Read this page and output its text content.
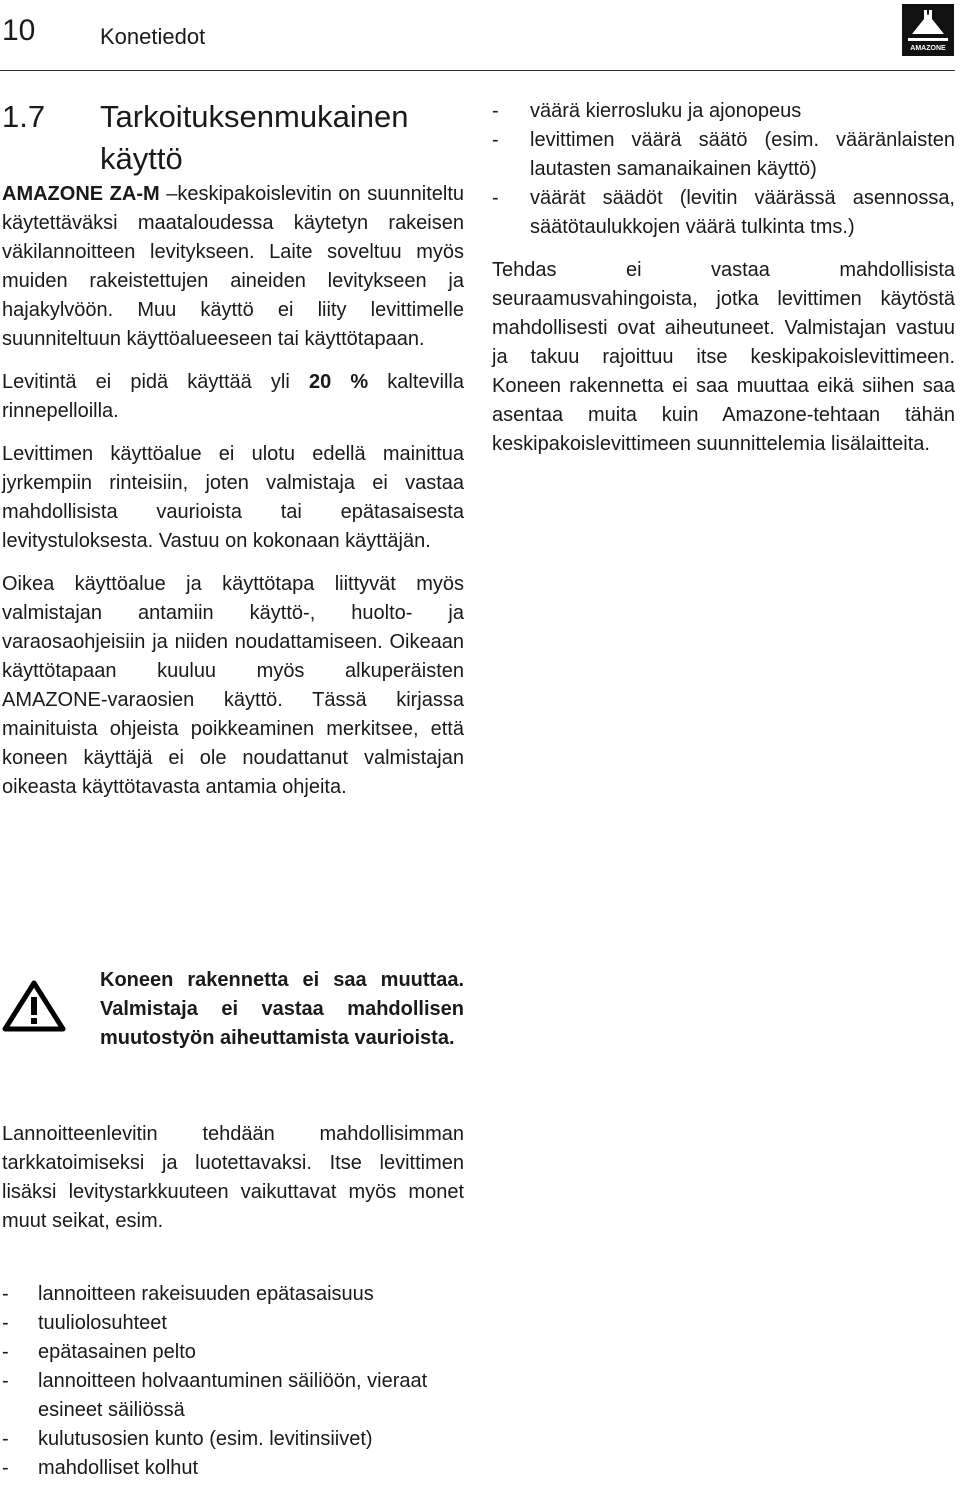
10	Konetiedot	AMAZONE
1.7 Tarkoituksenmukainen
käyttö

AMAZONE ZA-M –keskipakoislevitin on suunniteltu käytettäväksi maataloudessa käytetyn rakeisen väkilannoitteen levitykseen. Laite soveltuu myös muiden rakeistettujen aineiden levitykseen ja hajakylvöön. Muu käyttö ei liity levittimelle suunniteltuun käyttöalueeseen tai käyttötapaan.

Levitintä ei pidä käyttää yli 20 % kaltevilla rinnepelloilla.

Levittimen käyttöalue ei ulotu edellä mainittua jyrkempiin rinteisiin, joten valmistaja ei vastaa mahdollisista vaurioista tai epätasaisesta levitystuloksesta. Vastuu on kokonaan käyttäjän.

Oikea käyttöalue ja käyttötapa liittyvät myös valmistajan antamiin käyttö-, huolto- ja varaosaohjeisiin ja niiden noudattamiseen. Oikeaan käyttötapaan kuuluu myös alkuperäisten AMAZONE-varaosien käyttö. Tässä kirjassa mainituista ohjeista poikkeaminen merkitsee, että koneen käyttäjä ei ole noudattanut valmistajan oikeasta käyttötavasta antamia ohjeita.

Koneen rakennetta ei saa muuttaa. Valmistaja ei vastaa mahdollisen muutostyön aiheuttamista vaurioista.
Lannoitteenlevitin tehdään mahdollisimman tarkkatoimiseksi ja luotettavaksi. Itse levittimen lisäksi levitystarkkuuteen vaikuttavat myös monet muut seikat, esim.
- lannoitteen rakeisuuden epätasaisuus
- tuuliolosuhteet
- epätasainen pelto
- lannoitteen holvaantuminen säiliöön, vieraat esineet säiliössä
- kulutusosien kunto (esim. levitinsiivet)
- mahdolliset kolhut
- väärä kierrosluku ja ajonopeus
- levittimen väärä säätö (esim. vääränlaisten lautasten samanaikainen käyttö)
- väärät säädöt (levitin väärässä asennossa, säätötaulukkojen väärä tulkinta tms.)

Tehdas ei vastaa mahdollisista seuraamusvahingoista, jotka levittimen käytöstä mahdollisesti ovat aiheutuneet. Valmistajan vastuu ja takuu rajoittuu itse keskipakoislevittimeen. Koneen rakennetta ei saa muuttaa eikä siihen saa asentaa muita kuin Amazone-tehtaan tähän keskipakoislevittimeen suunnittelemia lisälaitteita.
